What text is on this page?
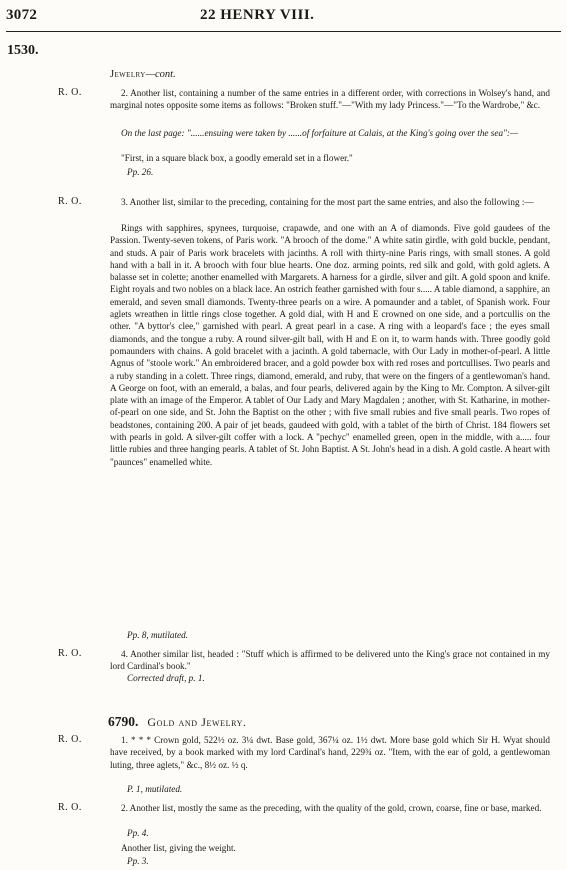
3072	22 HENRY VIII.
1530.
Jewelry—cont.
R. O.	2. Another list, containing a number of the same entries in a different order, with corrections in Wolsey's hand, and marginal notes opposite some items as follows: "Broken stuff."—"With my lady Princess."—"To the Wardrobe," &c.
On the last page: "......ensuing were taken by ......of forfaiture at Calais, at the King's going over the sea":—
"First, in a square black box, a goodly emerald set in a flower."
Pp. 26.
R. O.	3. Another list, similar to the preceding, containing for the most part the same entries, and also the following :—
Rings with sapphires, spynees, turquoise, crapawde, and one with an A of diamonds. Five gold gaudees of the Passion. Twenty-seven tokens, of Paris work. "A brooch of the dome." A white satin girdle, with gold buckle, pendant, and studs. A pair of Paris work bracelets with jacinths. A roll with thirty-nine Paris rings, with small stones. A gold hand with a ball in it. A brooch with four blue hearts. One doz. arming points, red silk and gold, with gold aglets. A balasse set in colette; another enamelled with Margarets. A harness for a girdle, silver and gilt. A gold spoon and knife. Eight royals and two nobles on a black lace. An ostrich feather garnished with four s..... A table diamond, a sapphire, an emerald, and seven small diamonds. Twenty-three pearls on a wire. A pomaunder and a tablet, of Spanish work. Four aglets wreathen in little rings close together. A gold dial, with H and E crowned on one side, and a portcullis on the other. "A byttor's clee," garnished with pearl. A great pearl in a case. A ring with a leopard's face ; the eyes small diamonds, and the tongue a ruby. A round silver-gilt ball, with H and E on it, to warm hands with. Three goodly gold pomaunders with chains. A gold bracelet with a jacinth. A gold tabernacle, with Our Lady in mother-of-pearl. A little Agnus of "stoole work." An embroidered bracer, and a gold powder box with red roses and portcullises. Two pearls and a ruby standing in a colett. Three rings, diamond, emerald, and ruby, that were on the fingers of a gentlewoman's hand. A George on foot, with an emerald, a balas, and four pearls, delivered again by the King to Mr. Compton. A silver-gilt plate with an image of the Emperor. A tablet of Our Lady and Mary Magdalen ; another, with St. Katharine, in mother-of-pearl on one side, and St. John the Baptist on the other ; with five small rubies and five small pearls. Two ropes of beadstones, containing 200. A pair of jet beads, gaudeed with gold, with a tablet of the birth of Christ. 184 flowers set with pearls in gold. A silver-gilt coffer with a lock. A "pechyc" enamelled green, open in the middle, with a..... four little rubies and three hanging pearls. A tablet of St. John Baptist. A St. John's head in a dish. A gold castle. A heart with "paunces" enamelled white.
Pp. 8, mutilated.
R. O.	4. Another similar list, headed : "Stuff which is affirmed to be delivered unto the King's grace not contained in my lord Cardinal's book."
Corrected draft, p. 1.
6790. Gold and Jewelry.
R. O.	1. * * * Crown gold, 522½ oz. 3¼ dwt. Base gold, 367¼ oz. 1½ dwt. More base gold which Sir H. Wyat should have received, by a book marked with my lord Cardinal's hand, 229¾ oz. "Item, with the ear of gold, a gentlewoman luting, three aglets," &c., 8½ oz. ½ q.
P. 1, mutilated.
R. O.	2. Another list, mostly the same as the preceding, with the quality of the gold, crown, coarse, fine or base, marked.
Pp. 4.
Another list, giving the weight.
Pp. 3.
